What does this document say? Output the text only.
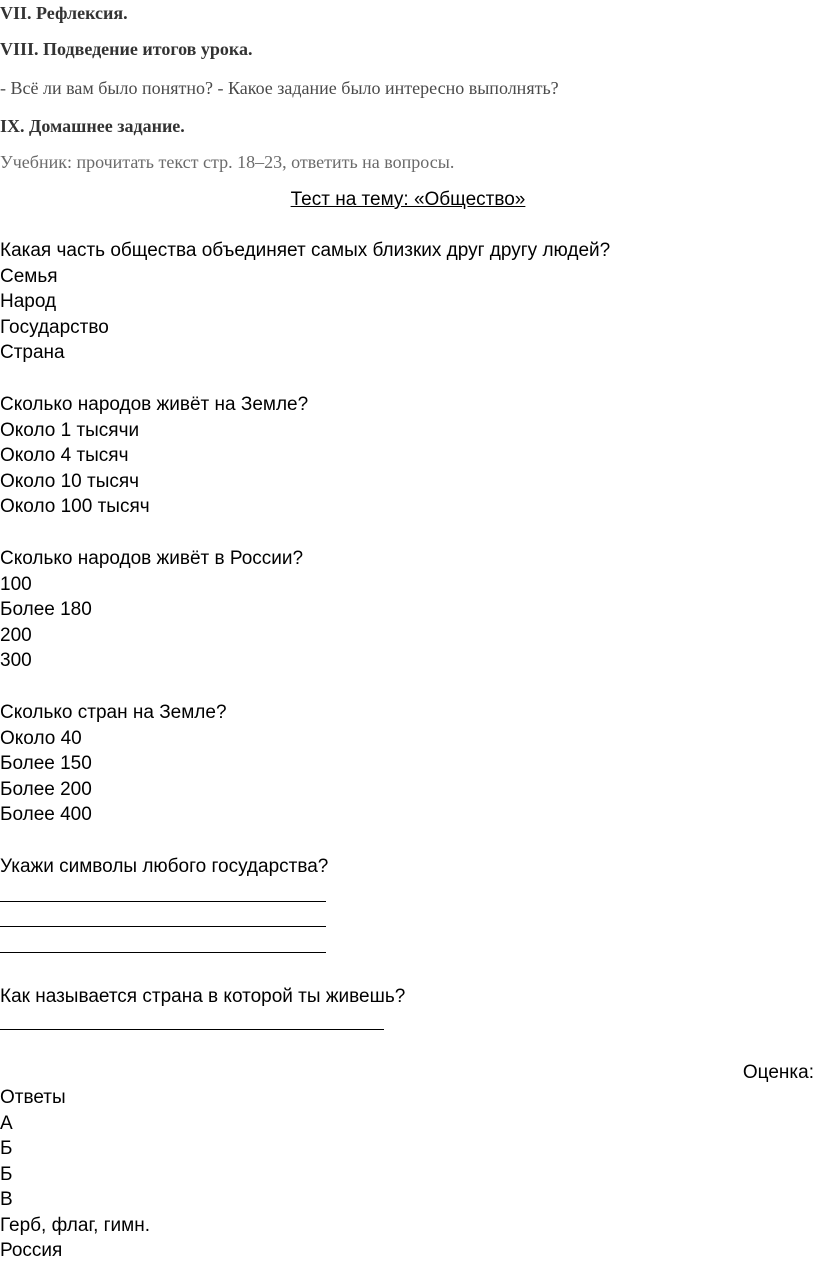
VII. Рефлексия.
VIII. Подведение итогов урока.
- Всё ли вам было понятно? - Какое задание было интересно выполнять?
IX. Домашнее задание.
Учебник: прочитать текст стр. 18–23, ответить на вопросы.
Тест на тему: «Общество»
Какая часть общества объединяет самых близких друг другу людей?
Семья
Народ
Государство
Страна
Сколько народов живёт на Земле?
Около 1 тысячи
Около 4 тысяч
Около 10 тысяч
Около 100 тысяч
Сколько народов живёт в России?
100
Более 180
200
300
Сколько стран на Земле?
Около 40
Более 150
Более 200
Более 400
Укажи символы любого государства?
Как называется страна в которой ты живешь?
Оценка:
Ответы
А
Б
Б
В
Герб, флаг, гимн.
Россия
